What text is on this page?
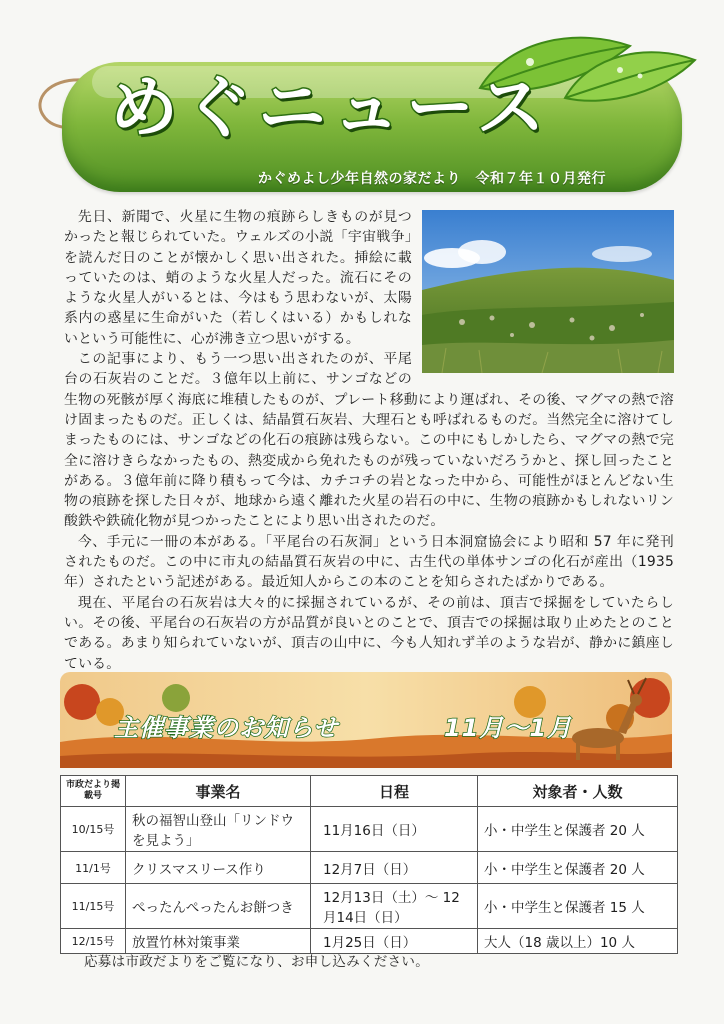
めぐニュース
かぐめよし少年自然の家だより　令和７年１０月発行

先日、新聞で、火星に生物の痕跡らしきものが見つかったと報じられていた。ウェルズの小説「宇宙戦争」を読んだ日のことが懐かしく思い出された。挿絵に載っていたのは、蛸のような火星人だった。流石にそのような火星人がいるとは、今はもう思わないが、太陽系内の惑星に生命がいた（若しくはいる）かもしれないという可能性に、心が沸き立つ思いがする。

この記事により、もう一つ思い出されたのが、平尾台の石灰岩のことだ。３億年以上前に、サンゴなどの生物の死骸が厚く海底に堆積したものが、プレート移動により運ばれ、その後、マグマの熱で溶け固まったものだ。正しくは、結晶質石灰岩、大理石とも呼ばれるものだ。当然完全に溶けてしまったものには、サンゴなどの化石の痕跡は残らない。この中にもしかしたら、マグマの熱で完全に溶けきらなかったもの、熱変成から免れたものが残っていないだろうかと、探し回ったことがある。３億年前に降り積もって今は、カチコチの岩となった中から、可能性がほとんどない生物の痕跡を探した日々が、地球から遠く離れた火星の岩石の中に、生物の痕跡かもしれないリン酸鉄や鉄硫化物が見つかったことにより思い出されたのだ。

今、手元に一冊の本がある。「平尾台の石灰洞」という日本洞窟協会により昭和 57 年に発刊されたものだ。この中に市丸の結晶質石灰岩の中に、古生代の単体サンゴの化石が産出（1935 年）されたという記述がある。最近知人からこの本のことを知らされたばかりである。

現在、平尾台の石灰岩は大々的に採掘されているが、その前は、頂吉で採掘をしていたらしい。その後、平尾台の石灰岩の方が品質が良いとのことで、頂吉での採掘は取り止めたとのことである。あまり知られていないが、頂吉の山中に、今も人知れず羊のような岩が、静かに鎮座している。

主催事業のお知らせ	11月～1月
市政だより掲載号	事業名	日程	対象者・人数
10/15号	秋の福智山登山「リンドウを見よう」	11月16日（日）	小・中学生と保護者 20 人
11/1号	クリスマスリース作り	12月7日（日）	小・中学生と保護者 20 人
11/15号	ぺったんぺったんお餅つき	12月13日（土）～ 12月14日（日）	小・中学生と保護者 15 人
12/15号	放置竹林対策事業	1月25日（日）	大人（18 歳以上）10 人
応募は市政だよりをご覧になり、お申し込みください。
